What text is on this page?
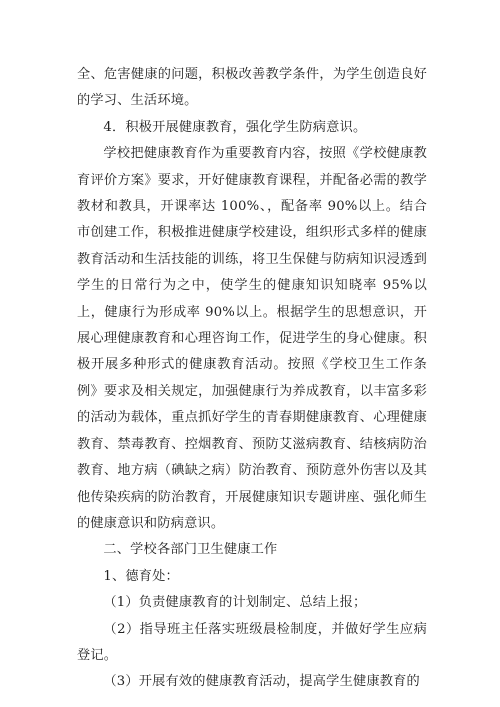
全、危害健康的问题，积极改善教学条件，为学生创造良好的学习、生活环境。

4．积极开展健康教育，强化学生防病意识。

学校把健康教育作为重要教育内容，按照《学校健康教育评价方案》要求，开好健康教育课程，并配备必需的教学教材和教具，开课率达 100%、，配备率 90%以上。结合市创建工作，积极推进健康学校建设，组织形式多样的健康教育活动和生活技能的训练，将卫生保健与防病知识浸透到学生的日常行为之中，使学生的健康知识知晓率 95%以上，健康行为形成率 90%以上。根据学生的思想意识，开展心理健康教育和心理咨询工作，促进学生的身心健康。积极开展多种形式的健康教育活动。按照《学校卫生工作条例》要求及相关规定，加强健康行为养成教育，以丰富多彩的活动为载体，重点抓好学生的青春期健康教育、心理健康教育、禁毒教育、控烟教育、预防艾滋病教育、结核病防治教育、地方病（碘缺之病）防治教育、预防意外伤害以及其他传染疾病的防治教育，开展健康知识专题讲座、强化师生的健康意识和防病意识。

二、学校各部门卫生健康工作

1、德育处：

（1）负责健康教育的计划制定、总结上报；

（2）指导班主任落实班级晨检制度，并做好学生应病登记。

（3）开展有效的健康教育活动，提高学生健康教育的
